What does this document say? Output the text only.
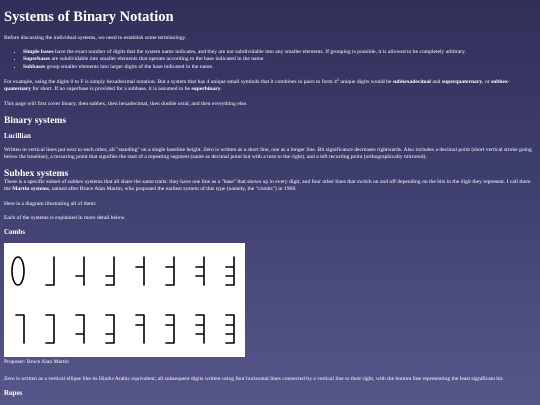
Systems of Binary Notation

Before discussing the individual systems, we need to establish some terminology.

• Simple bases have the exact number of digits that the system name indicates, and they are not subdividable into any smaller elements. If grouping is possible, it is allowed to be completely arbitrary.
• Superbases are subdividable into smaller elements that operate according to the base indicated in the name.
• Subbases group smaller elements into larger digits of the base indicated in the name.

For example, using the digits 0 to F is simply hexadecimal notation. But a system that has 4 unique small symbols that it combines in pairs to form $4^2$ unique digits would be subhexadecimal and superquaternary, or subhex-quaternary for short. If no superbase is provided for a subbase, it is assumed to be superbinary.

This page will first cover binary, then subhex, then hexadecimal, then double octal, and then everything else.

Binary systems
Lucillian

Written in vertical lines put next to each other, all "standing" on a single baseline height. Zero is written as a short line, one as a longer line. Bit significance decreases rightwards. Also includes a decimal point (short vertical stroke going below the baseline), a recurring point that signifies the start of a repeating segment (same as decimal point but with a turn to the right), and a left recurring point (orthographically mirrored).

Subhex systems

There is a specific subset of subhex systems that all share the same traits: they have one line as a "base" that shows up in every digit, and four other lines that switch on and off depending on the bits in the digit they represent. I call them the Martin systems, named after Bruce Alan Martin, who proposed the earliest system of this type (namely, the "combs") in 1968.

Here is a diagram illustrating all of them:

Each of the systems is explained in more detail below.

Combs

Proposer: Bruce Alan Martin

Zero is written as a vertical ellipse like its Hindu-Arabic equivalent; all subsequent digits written using four horizontal lines connected by a vertical line to their right, with the bottom line representing the least significant bit.

Ropes
